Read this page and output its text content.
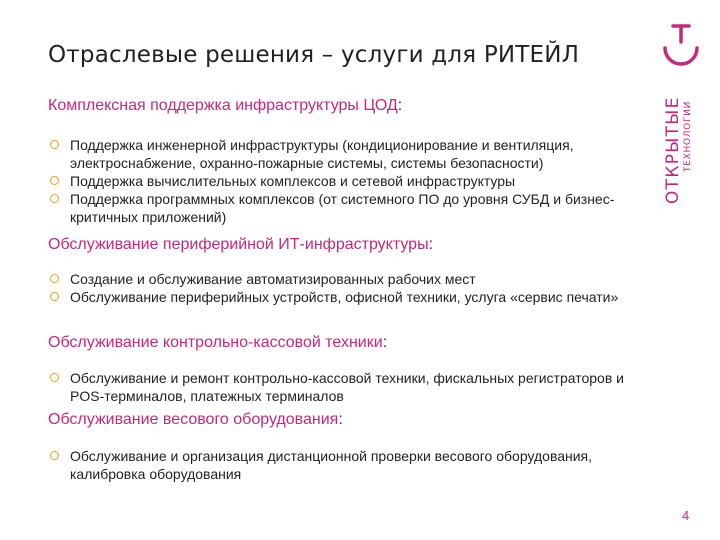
Отраслевые решения – услуги для РИТЕЙЛ
ОТКРЫТЫЕ ТЕХНОЛОГИИ
Комплексная поддержка инфраструктуры ЦОД:
Поддержка инженерной инфраструктуры (кондиционирование и вентиляция, электроснабжение, охранно-пожарные системы, системы безопасности)
Поддержка вычислительных комплексов и сетевой инфраструктуры
Поддержка программных комплексов (от системного ПО до уровня СУБД и бизнес-критичных приложений)
Обслуживание периферийной ИТ-инфраструктуры:
Создание и обслуживание автоматизированных рабочих мест
Обслуживание периферийных устройств, офисной техники, услуга «сервис печати»
Обслуживание контрольно-кассовой техники:
Обслуживание и ремонт контрольно-кассовой техники, фискальных регистраторов и POS-терминалов, платежных терминалов
Обслуживание весового оборудования:
Обслуживание и организация дистанционной проверки весового оборудования, калибровка оборудования
4
